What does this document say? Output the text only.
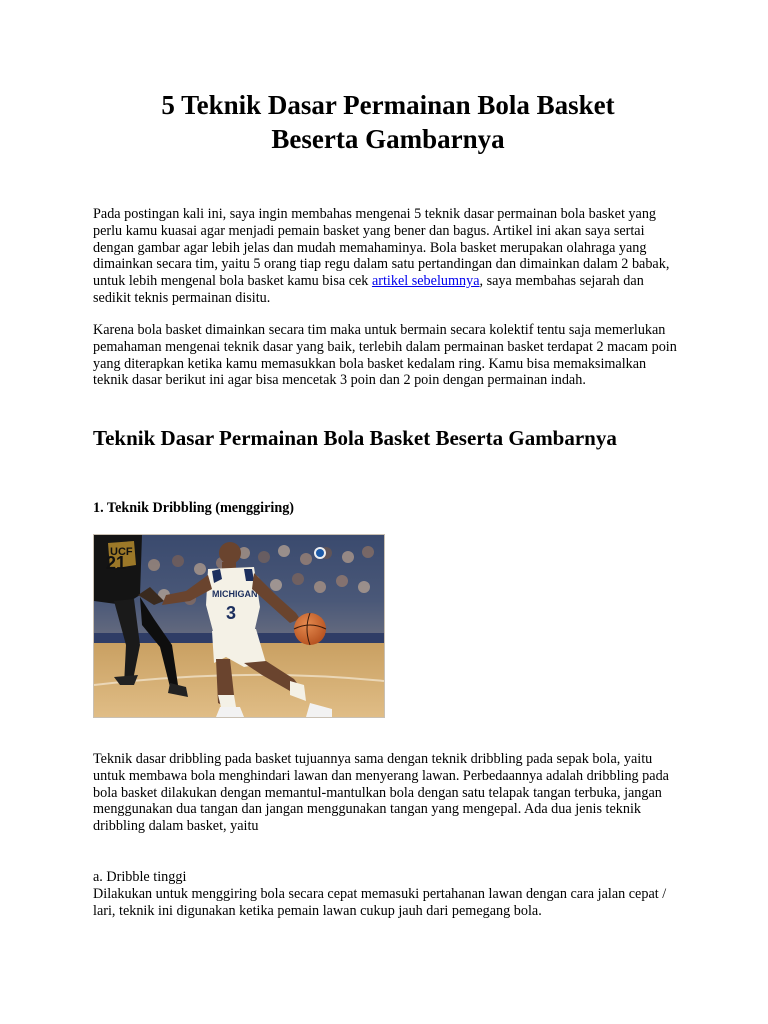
5 Teknik Dasar Permainan Bola Basket
Beserta Gambarnya

Pada postingan kali ini, saya ingin membahas mengenai 5 teknik dasar permainan bola basket yang perlu kamu kuasai agar menjadi pemain basket yang bener dan bagus. Artikel ini akan saya sertai dengan gambar agar lebih jelas dan mudah memahaminya. Bola basket merupakan olahraga yang dimainkan secara tim, yaitu 5 orang tiap regu dalam satu pertandingan dan dimainkan dalam 2 babak, untuk lebih mengenal bola basket kamu bisa cek artikel sebelumnya, saya membahas sejarah dan sedikit teknis permainan disitu.

Karena bola basket dimainkan secara tim maka untuk bermain secara kolektif tentu saja memerlukan pemahaman mengenai teknik dasar yang baik, terlebih dalam permainan basket terdapat 2 macam poin yang diterapkan ketika kamu memasukkan bola basket kedalam ring. Kamu bisa memaksimalkan teknik dasar berikut ini agar bisa mencetak 3 poin dan 2 poin dengan permainan indah.

Teknik Dasar Permainan Bola Basket Beserta Gambarnya
1. Teknik Dribbling (menggiring)
21
UCF
MICHIGAN
3

Teknik dasar dribbling pada basket tujuannya sama dengan teknik dribbling pada sepak bola, yaitu untuk membawa bola menghindari lawan dan menyerang lawan. Perbedaannya adalah dribbling pada bola basket dilakukan dengan memantul-mantulkan bola dengan satu telapak tangan terbuka, jangan menggunakan dua tangan dan jangan menggunakan tangan yang mengepal. Ada dua jenis teknik dribbling dalam basket, yaitu

a. Dribble tinggi
Dilakukan untuk menggiring bola secara cepat memasuki pertahanan lawan dengan cara jalan cepat / lari, teknik ini digunakan ketika pemain lawan cukup jauh dari pemegang bola.
